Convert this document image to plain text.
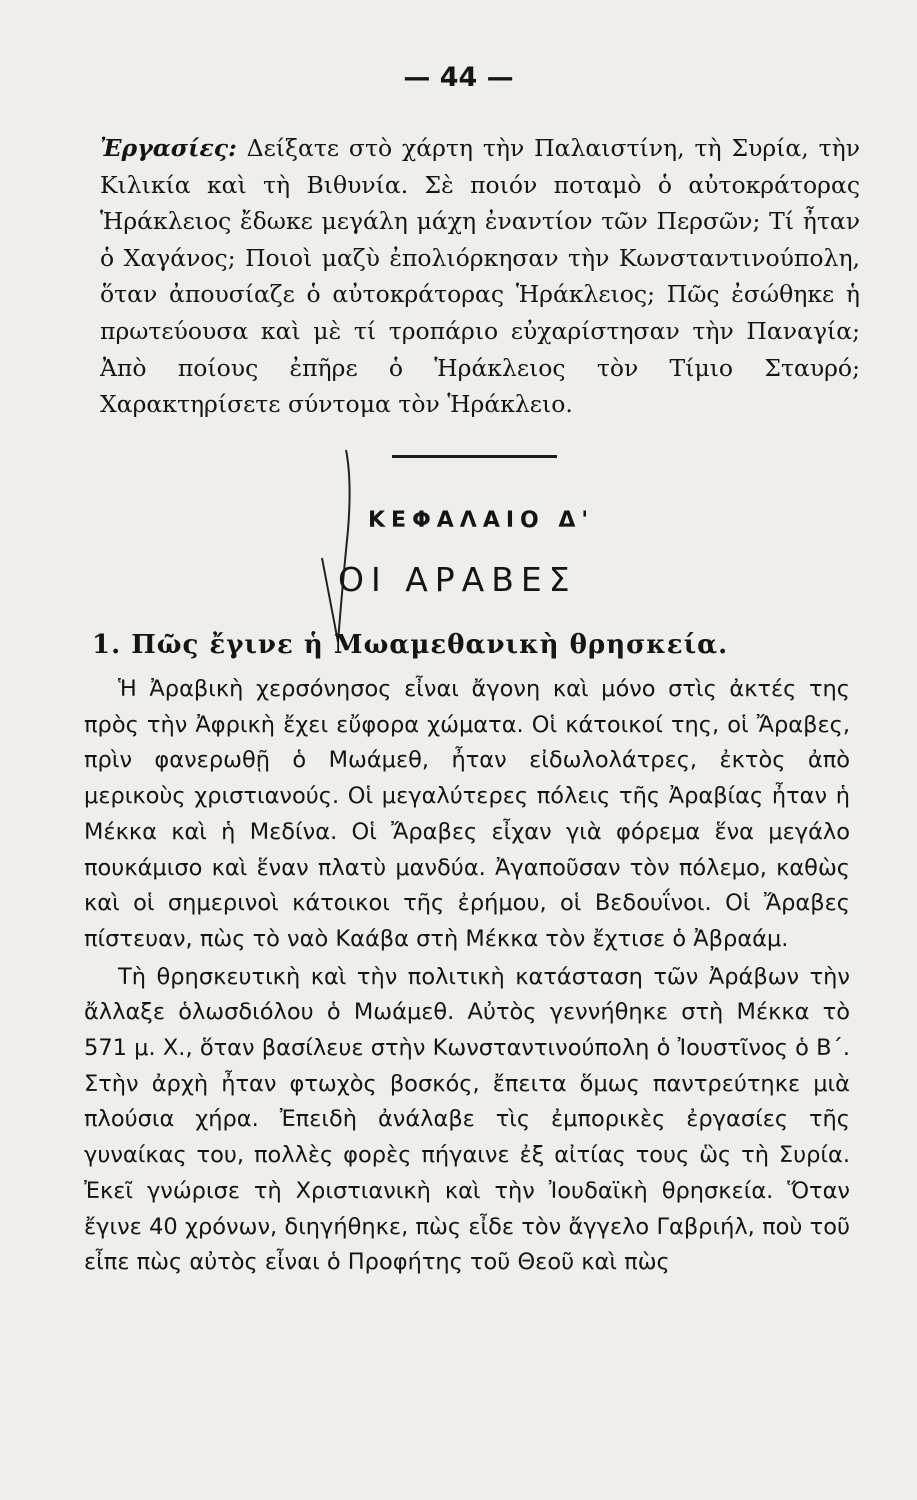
— 44 —
Ἐργασίες: Δείξατε στὸ χάρτη τὴν Παλαιστίνη, τὴ Συρία, τὴν Κιλικία καὶ τὴ Βιθυνία. Σὲ ποιόν ποταμὸ ὁ αὐτοκράτορας Ἡράκλειος ἔδωκε μεγάλη μάχη ἐναντίον τῶν Περσῶν; Τί ἦταν ὁ Χαγάνος; Ποιοὶ μαζὺ ἐπολιόρκησαν τὴν Κωνσταντινούπολη, ὅταν ἀπουσίαζε ὁ αὐτοκράτορας Ἡράκλειος; Πῶς ἐσώθηκε ἡ πρωτεύουσα καὶ μὲ τί τροπάριο εὐχαρίστησαν τὴν Παναγία; Ἀπὸ ποίους ἐπῆρε ὁ Ἡράκλειος τὸν Τίμιο Σταυρό; Χαρακτηρίσετε σύντομα τὸν Ἡράκλειο.
ΚΕΦΑΛΑΙΟ Δ'
ΟΙ ΑΡΑΒΕΣ
1. Πῶς ἔγινε ἡ Μωαμεθανικὴ θρησκεία.

Ἡ Ἀραβικὴ χερσόνησος εἶναι ἄγονη καὶ μόνο στὶς ἀκτές της πρὸς τὴν Ἀφρικὴ ἔχει εὔφορα χώματα. Οἱ κάτοικοί της, οἱ Ἄραβες, πρὶν φανερωθῇ ὁ Μωάμεθ, ἦταν εἰδωλολάτρες, ἐκτὸς ἀπὸ μερικοὺς χριστιανούς. Οἱ μεγαλύτερες πόλεις τῆς Ἀραβίας ἦταν ἡ Μέκκα καὶ ἡ Μεδίνα. Οἱ Ἄραβες εἶχαν γιὰ φόρεμα ἕνα μεγάλο πουκάμισο καὶ ἕναν πλατὺ μανδύα. Ἀγαποῦσαν τὸν πόλεμο, καθὼς καὶ οἱ σημερινοὶ κάτοικοι τῆς ἐρήμου, οἱ Βεδουΐνοι. Οἱ Ἄραβες πίστευαν, πὼς τὸ ναὸ Καάβα στὴ Μέκκα τὸν ἔχτισε ὁ Ἀβραάμ.

Τὴ θρησκευτικὴ καὶ τὴν πολιτικὴ κατάσταση τῶν Ἀράβων τὴν ἄλλαξε ὁλωσδιόλου ὁ Μωάμεθ. Αὐτὸς γεννήθηκε στὴ Μέκκα τὸ 571 μ. Χ., ὅταν βασίλευε στὴν Κωνσταντινούπολη ὁ Ἰουστῖνος ὁ Β΄. Στὴν ἀρχὴ ἦταν φτωχὸς βοσκός, ἔπειτα ὅμως παντρεύτηκε μιὰ πλούσια χήρα. Ἐπειδὴ ἀνάλαβε τὶς ἐμπορικὲς ἐργασίες τῆς γυναίκας του, πολλὲς φορὲς πήγαινε ἐξ αἰτίας τους ὣς τὴ Συρία. Ἐκεῖ γνώρισε τὴ Χριστιανικὴ καὶ τὴν Ἰουδαϊκὴ θρησκεία. Ὅταν ἔγινε 40 χρόνων, διηγήθηκε, πὼς εἶδε τὸν ἄγγελο Γαβριήλ, ποὺ τοῦ εἶπε πὼς αὐτὸς εἶναι ὁ Προφήτης τοῦ Θεοῦ καὶ πὼς
